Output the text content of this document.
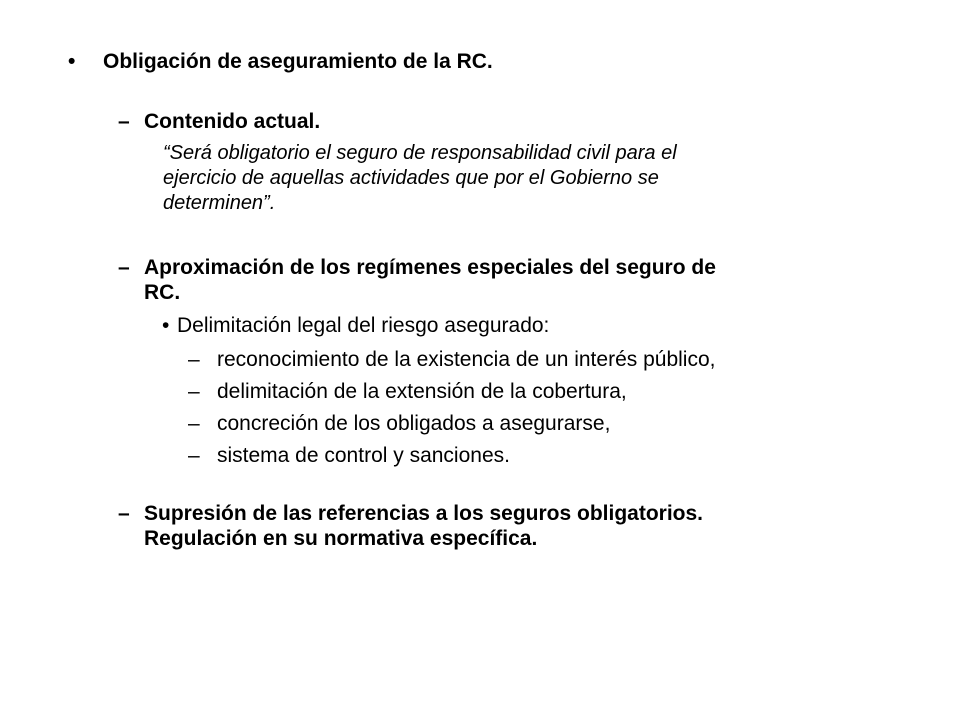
• Obligación de aseguramiento de la RC.
– Contenido actual.
“Será obligatorio el seguro de responsabilidad civil para el
ejercicio de aquellas actividades que por el Gobierno se
determinen”.
– Aproximación de los regímenes especiales del seguro de
RC.
• Delimitación legal del riesgo asegurado:
– reconocimiento de la existencia de un interés público,
– delimitación de la extensión de la cobertura,
– concreción de los obligados a asegurarse,
– sistema de control y sanciones.
– Supresión de las referencias a los seguros obligatorios.
Regulación en su normativa específica.
